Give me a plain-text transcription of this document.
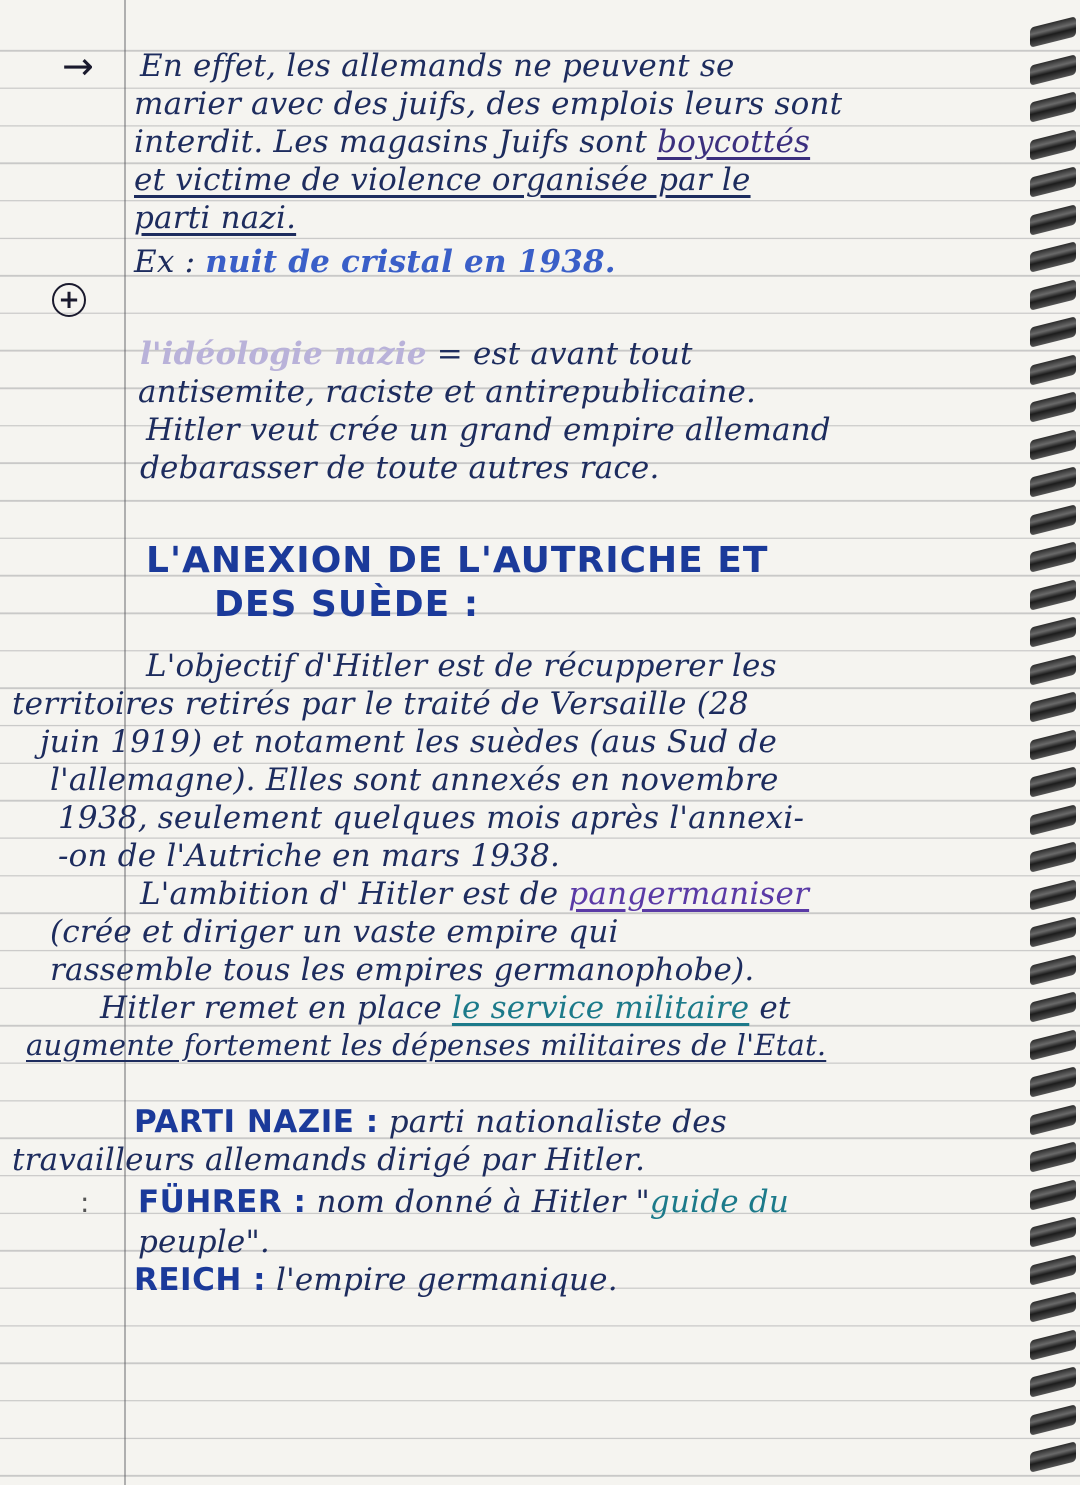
→ En effet, les allemands ne peuvent se
marier avec des juifs, des emplois leurs sont
interdit. Les magasins Juifs sont boycottés
et victime de violence organisée par le
parti nazi.
+
Ex : nuit de cristal en 1938.
l'idéologie nazie = est avant tout
antisemite, raciste et antirepublicaine.
Hitler veut crée un grand empire allemand
debarasser de toute autres race.
L'ANEXION DE L'AUTRICHE ET
DES SUÈDE :
L'objectif d'Hitler est de récupperer les
territoires retirés par le traité de Versaille (28
juin 1919) et notament les suèdes (aus Sud de
l'allemagne). Elles sont annexés en novembre
1938, seulement quelques mois après l'annexi-
-on de l'Autriche en mars 1938.
L'ambition d' Hitler est de pangermaniser
(crée et diriger un vaste empire qui
rassemble tous les empires germanophobe).
Hitler remet en place le service militaire et
augmente fortement les dépenses militaires de l'Etat.
PARTI NAZIE : parti nationaliste des
travailleurs allemands dirigé par Hitler.
: FÜHRER : nom donné à Hitler "guide du
peuple".
REICH : l'empire germanique.
